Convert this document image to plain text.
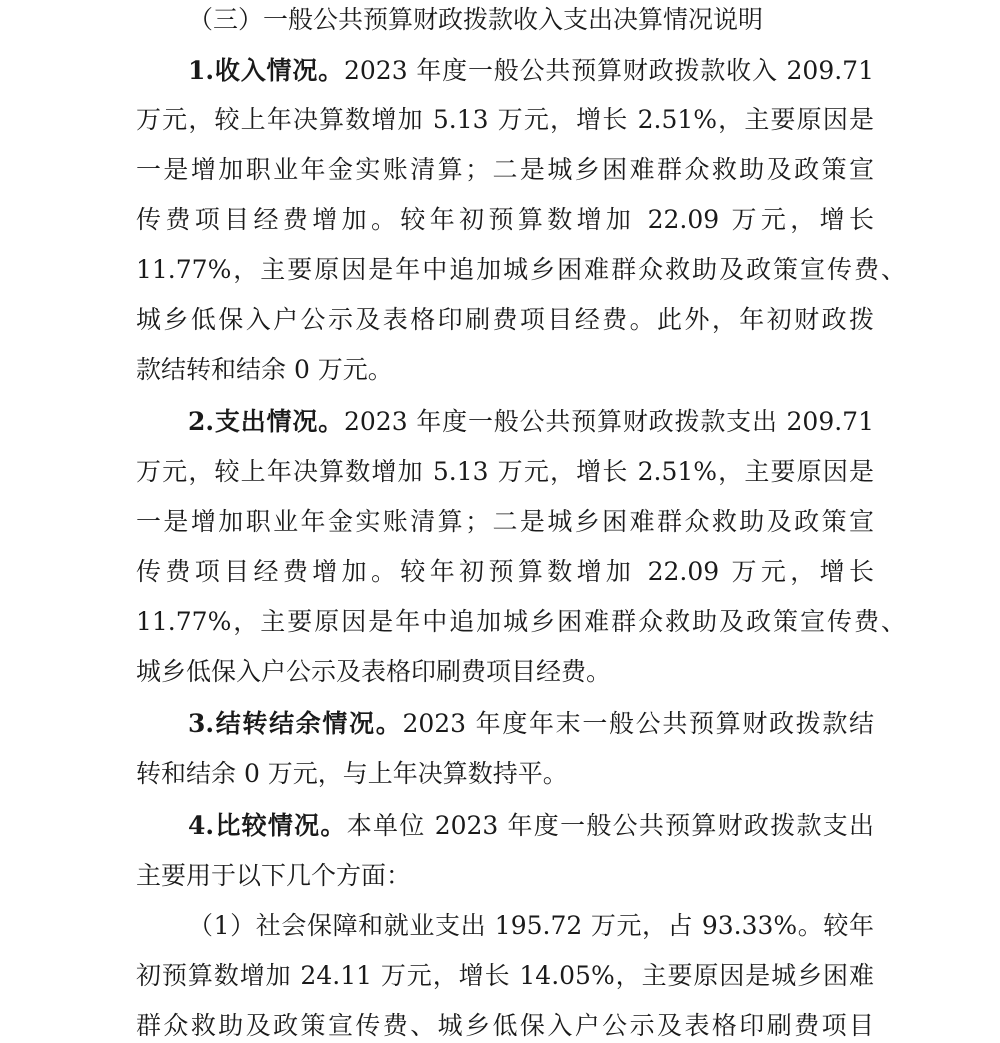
（三）一般公共预算财政拨款收入支出决算情况说明
1.收入情况。2023 年度一般公共预算财政拨款收入 209.71
万元，较上年决算数增加 5.13 万元，增长 2.51%，主要原因是
一是增加职业年金实账清算；二是城乡困难群众救助及政策宣
传费项目经费增加。较年初预算数增加 22.09 万元，增长
11.77%，主要原因是年中追加城乡困难群众救助及政策宣传费、
城乡低保入户公示及表格印刷费项目经费。此外，年初财政拨
款结转和结余 0 万元。
2.支出情况。2023 年度一般公共预算财政拨款支出 209.71
万元，较上年决算数增加 5.13 万元，增长 2.51%，主要原因是
一是增加职业年金实账清算；二是城乡困难群众救助及政策宣
传费项目经费增加。较年初预算数增加 22.09 万元，增长
11.77%，主要原因是年中追加城乡困难群众救助及政策宣传费、
城乡低保入户公示及表格印刷费项目经费。
3.结转结余情况。2023 年度年末一般公共预算财政拨款结
转和结余 0 万元，与上年决算数持平。
4.比较情况。本单位 2023 年度一般公共预算财政拨款支出
主要用于以下几个方面：
（1）社会保障和就业支出 195.72 万元，占 93.33%。较年
初预算数增加 24.11 万元，增长 14.05%，主要原因是城乡困难
群众救助及政策宣传费、城乡低保入户公示及表格印刷费项目
